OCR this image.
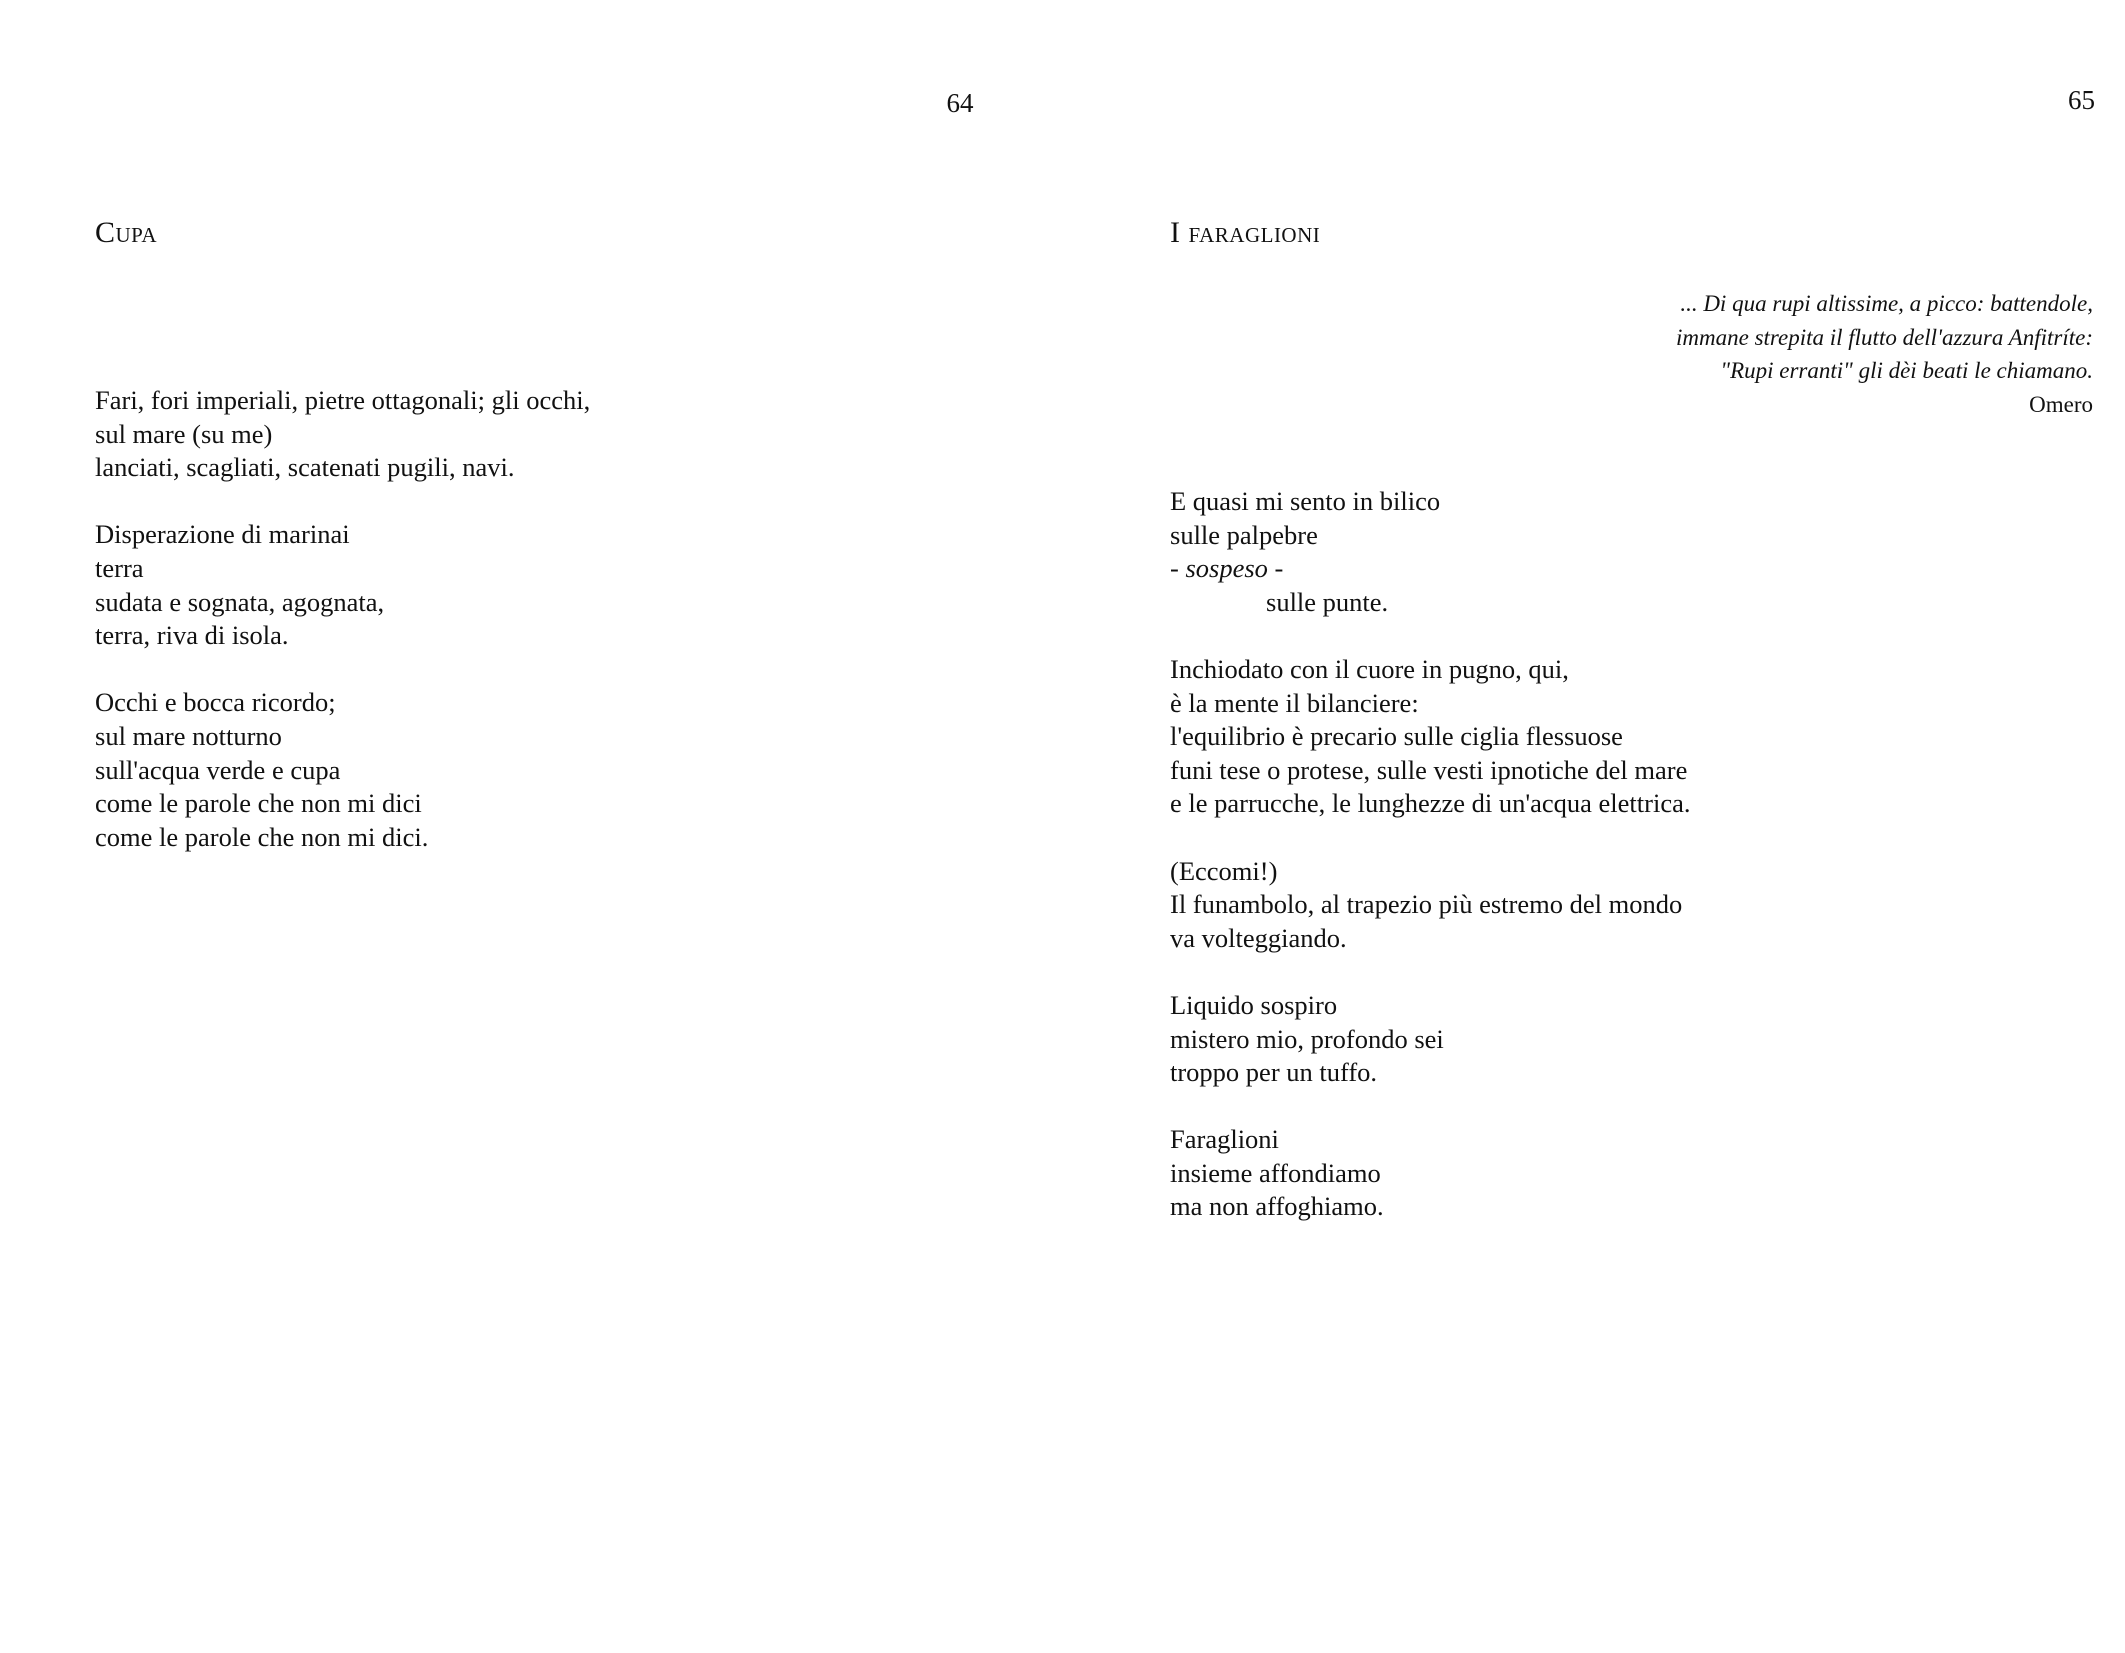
64
Cupa
Fari, fori imperiali, pietre ottagonali; gli occhi,
sul mare (su me)
lanciati, scagliati, scatenati pugili, navi.
Disperazione di marinai
terra
sudata e sognata, agognata,
terra, riva di isola.
Occhi e bocca ricordo;
sul mare notturno
sull'acqua verde e cupa
come le parole che non mi dici
come le parole che non mi dici.
65
I faraglioni
... Di qua rupi altissime, a picco: battendole,
immane strepita il flutto dell'azzura Anfitríte:
"Rupi erranti" gli dèi beati le chiamano.
Omero
E quasi mi sento in bilico
sulle palpebre
- sospeso -
sulle punte.
Inchiodato con il cuore in pugno, qui,
è la mente il bilanciere:
l'equilibrio è precario sulle ciglia flessuose
funi tese o protese, sulle vesti ipnotiche del mare
e le parrucche, le lunghezze di un'acqua elettrica.
(Eccomi!)
Il funambolo, al trapezio più estremo del mondo
va volteggiando.
Liquido sospiro
mistero mio, profondo sei
troppo per un tuffo.
Faraglioni
insieme affondiamo
ma non affoghiamo.
